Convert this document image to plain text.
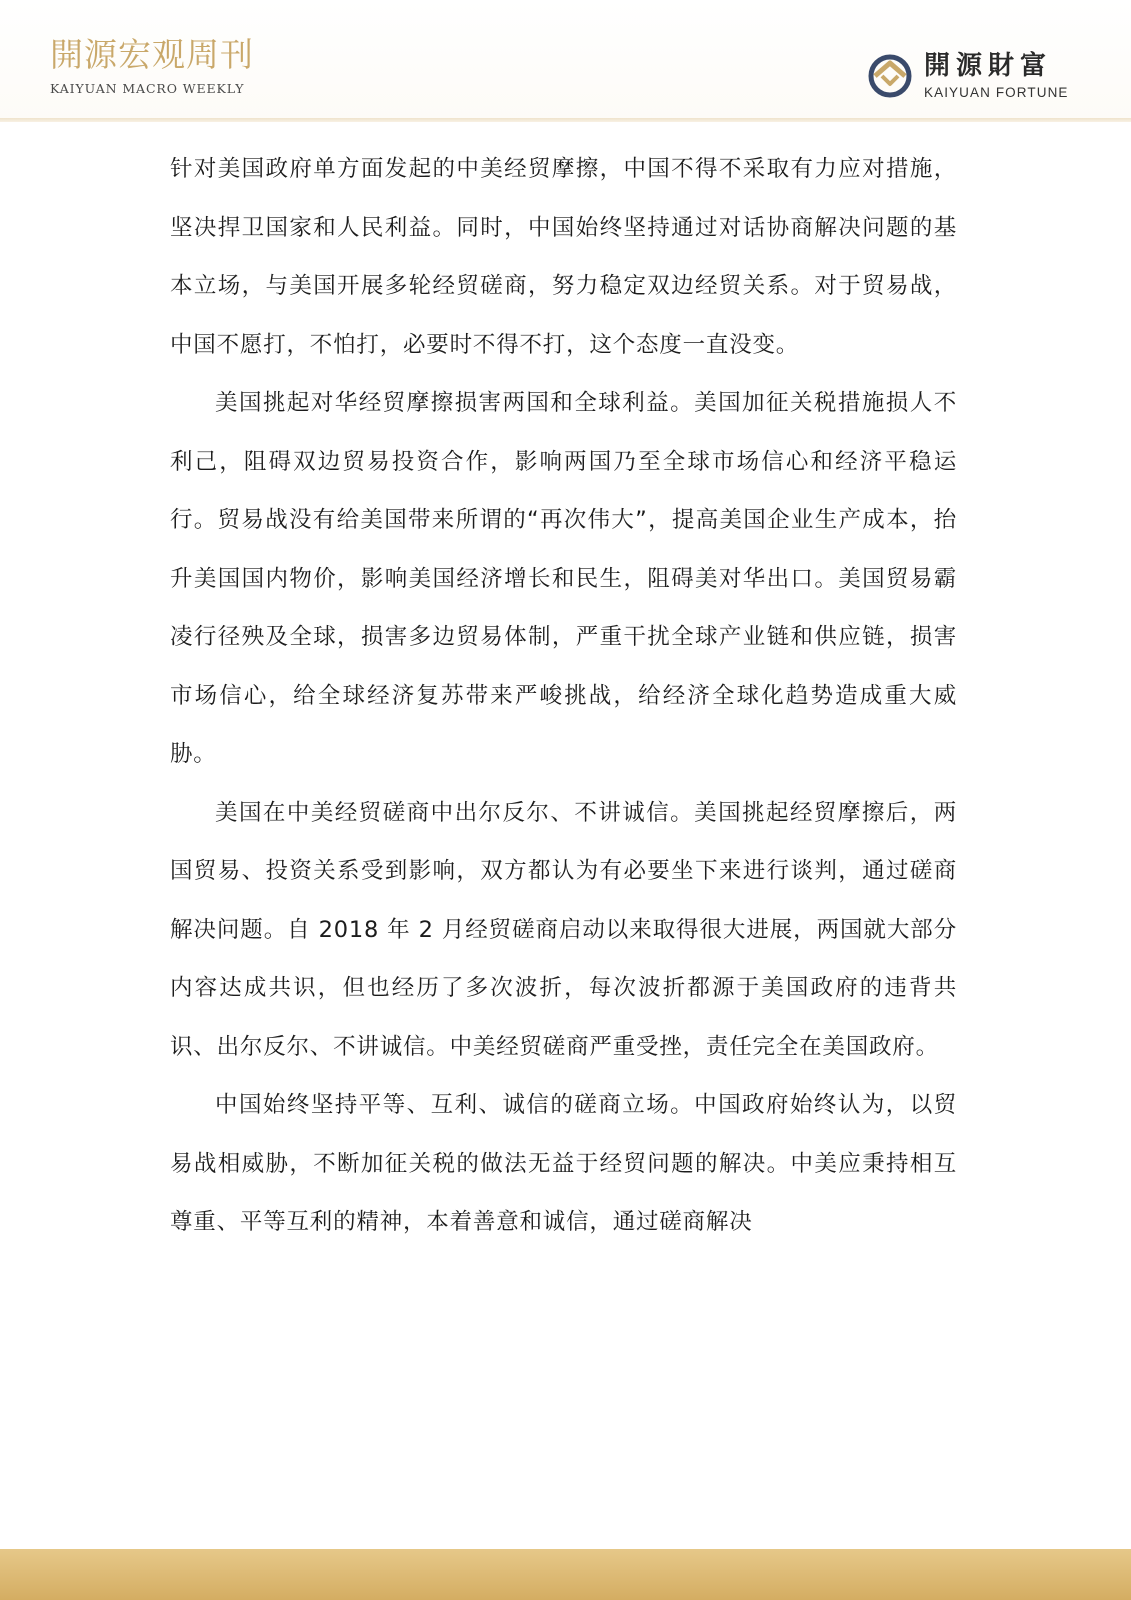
開源宏观周刊
KAIYUAN MACRO WEEKLY
開源財富
KAIYUAN FORTUNE

针对美国政府单方面发起的中美经贸摩擦，中国不得不采取有力应对措施，坚决捍卫国家和人民利益。同时，中国始终坚持通过对话协商解决问题的基本立场，与美国开展多轮经贸磋商，努力稳定双边经贸关系。对于贸易战，中国不愿打，不怕打，必要时不得不打，这个态度一直没变。

美国挑起对华经贸摩擦损害两国和全球利益。美国加征关税措施损人不利己，阻碍双边贸易投资合作，影响两国乃至全球市场信心和经济平稳运行。贸易战没有给美国带来所谓的“再次伟大”，提高美国企业生产成本，抬升美国国内物价，影响美国经济增长和民生，阻碍美对华出口。美国贸易霸凌行径殃及全球，损害多边贸易体制，严重干扰全球产业链和供应链，损害市场信心，给全球经济复苏带来严峻挑战，给经济全球化趋势造成重大威胁。

美国在中美经贸磋商中出尔反尔、不讲诚信。美国挑起经贸摩擦后，两国贸易、投资关系受到影响，双方都认为有必要坐下来进行谈判，通过磋商解决问题。自 2018 年 2 月经贸磋商启动以来取得很大进展，两国就大部分内容达成共识，但也经历了多次波折，每次波折都源于美国政府的违背共识、出尔反尔、不讲诚信。中美经贸磋商严重受挫，责任完全在美国政府。

中国始终坚持平等、互利、诚信的磋商立场。中国政府始终认为，以贸易战相威胁，不断加征关税的做法无益于经贸问题的解决。中美应秉持相互尊重、平等互利的精神，本着善意和诚信，通过磋商解决
